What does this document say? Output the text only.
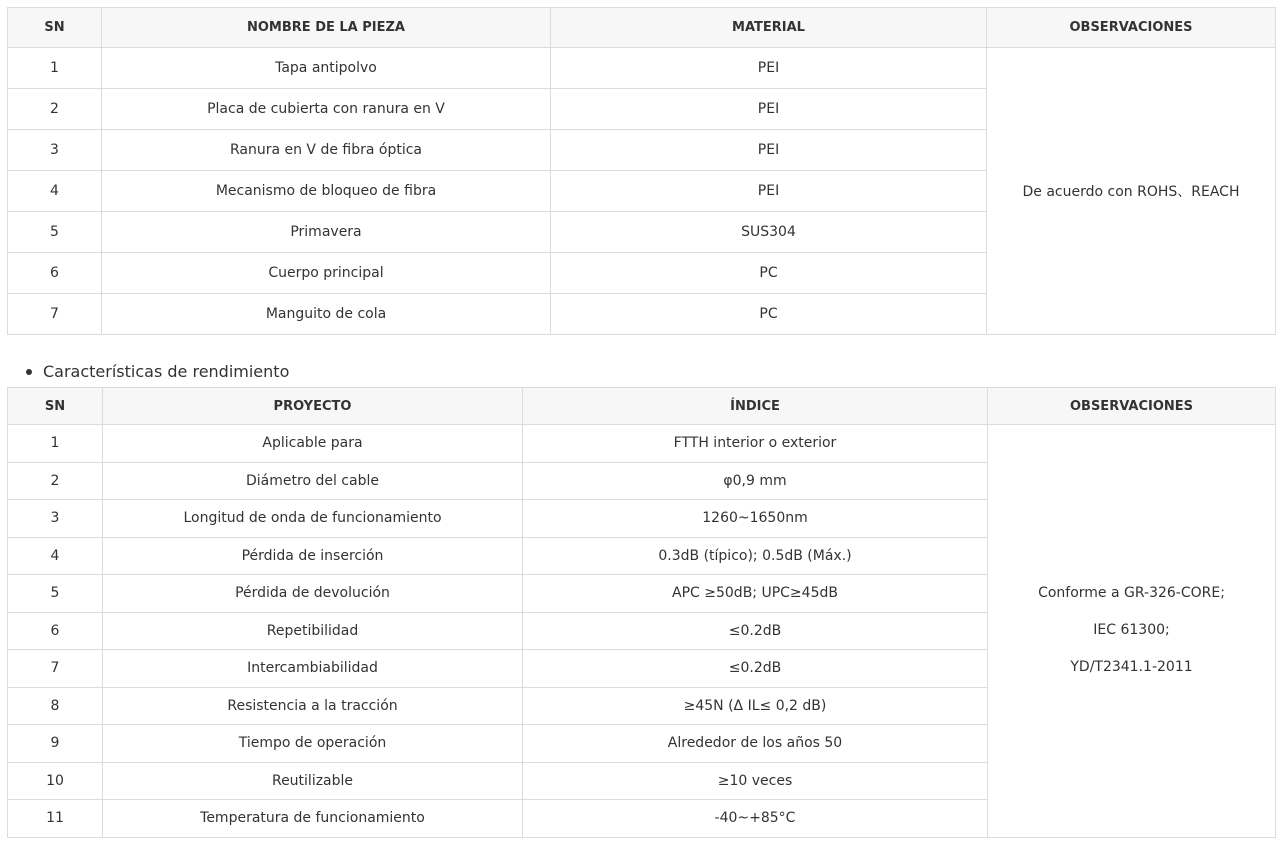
SN	NOMBRE DE LA PIEZA	MATERIAL	OBSERVACIONES
1	Tapa antipolvo	PEI	De acuerdo con ROHS、REACH
2	Placa de cubierta con ranura en V	PEI	
3	Ranura en V de fibra óptica	PEI	
4	Mecanismo de bloqueo de fibra	PEI	
5	Primavera	SUS304	
6	Cuerpo principal	PC	
7	Manguito de cola	PC	
Características de rendimiento
SN	PROYECTO	ÍNDICE	OBSERVACIONES
1	Aplicable para	FTTH interior o exterior	Conforme a GR-326-CORE;
IEC 61300;
YD/T2341.1-2011

2	Diámetro del cable	φ0,9 mm	
3	Longitud de onda de funcionamiento	1260~1650nm	
4	Pérdida de inserción	0.3dB (típico); 0.5dB (Máx.)	
5	Pérdida de devolución	APC ≥50dB; UPC≥45dB	
6	Repetibilidad	≤0.2dB	
7	Intercambiabilidad	≤0.2dB	
8	Resistencia a la tracción	≥45N (Δ IL≤ 0,2 dB)	
9	Tiempo de operación	Alrededor de los años 50	
10	Reutilizable	≥10 veces	
11	Temperatura de funcionamiento	-40~+85°C	
